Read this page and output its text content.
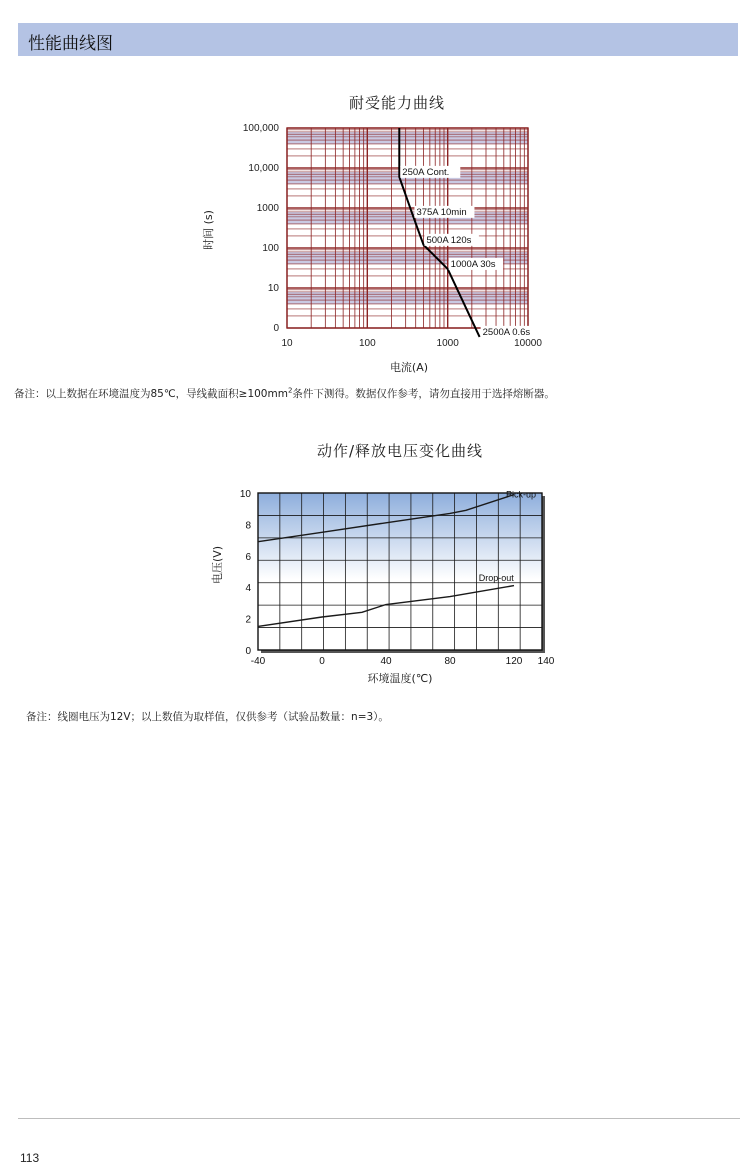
性能曲线图
耐受能力曲线
0
10
100
1000
10,000
100,000
10	100	1000	10000
电流(A)
时间 (s)
250A Cont.
375A 10min
500A 120s
1000A 30s
2500A 0.6s
备注：以上数据在环境温度为85℃，导线截面积$\ge 100mm^2$条件下测得。数据仅作参考，请勿直接用于选择熔断器。
动作/释放电压变化曲线
0
2
4
6
8
10
-40	0	40	80	120 140
环境温度(℃)
电压(V)
Pick-up
Drop-out
备注：线圈电压为12V；以上数值为取样值，仅供参考（试验品数量：n=3）。
113
